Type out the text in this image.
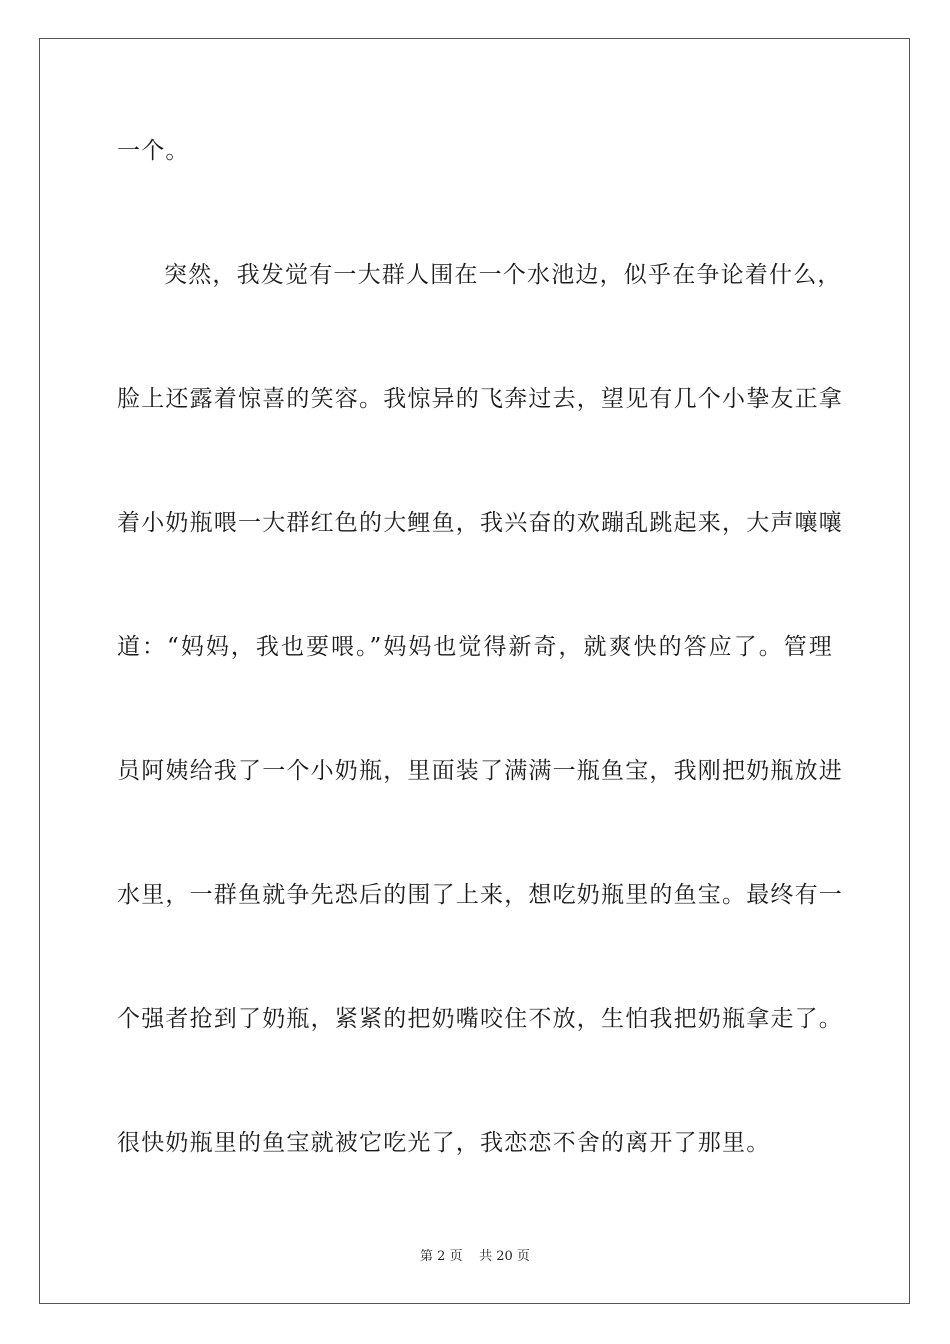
一个。
突然，我发觉有一大群人围在一个水池边，似乎在争论着什么，
脸上还露着惊喜的笑容。我惊异的飞奔过去，望见有几个小挚友正拿
着小奶瓶喂一大群红色的大鲤鱼，我兴奋的欢蹦乱跳起来，大声嚷嚷
道：“妈妈，我也要喂。”妈妈也觉得新奇，就爽快的答应了。管理
员阿姨给我了一个小奶瓶，里面装了满满一瓶鱼宝，我刚把奶瓶放进
水里，一群鱼就争先恐后的围了上来，想吃奶瓶里的鱼宝。最终有一
个强者抢到了奶瓶，紧紧的把奶嘴咬住不放，生怕我把奶瓶拿走了。
很快奶瓶里的鱼宝就被它吃光了，我恋恋不舍的离开了那里。
第 2 页 共 20 页
